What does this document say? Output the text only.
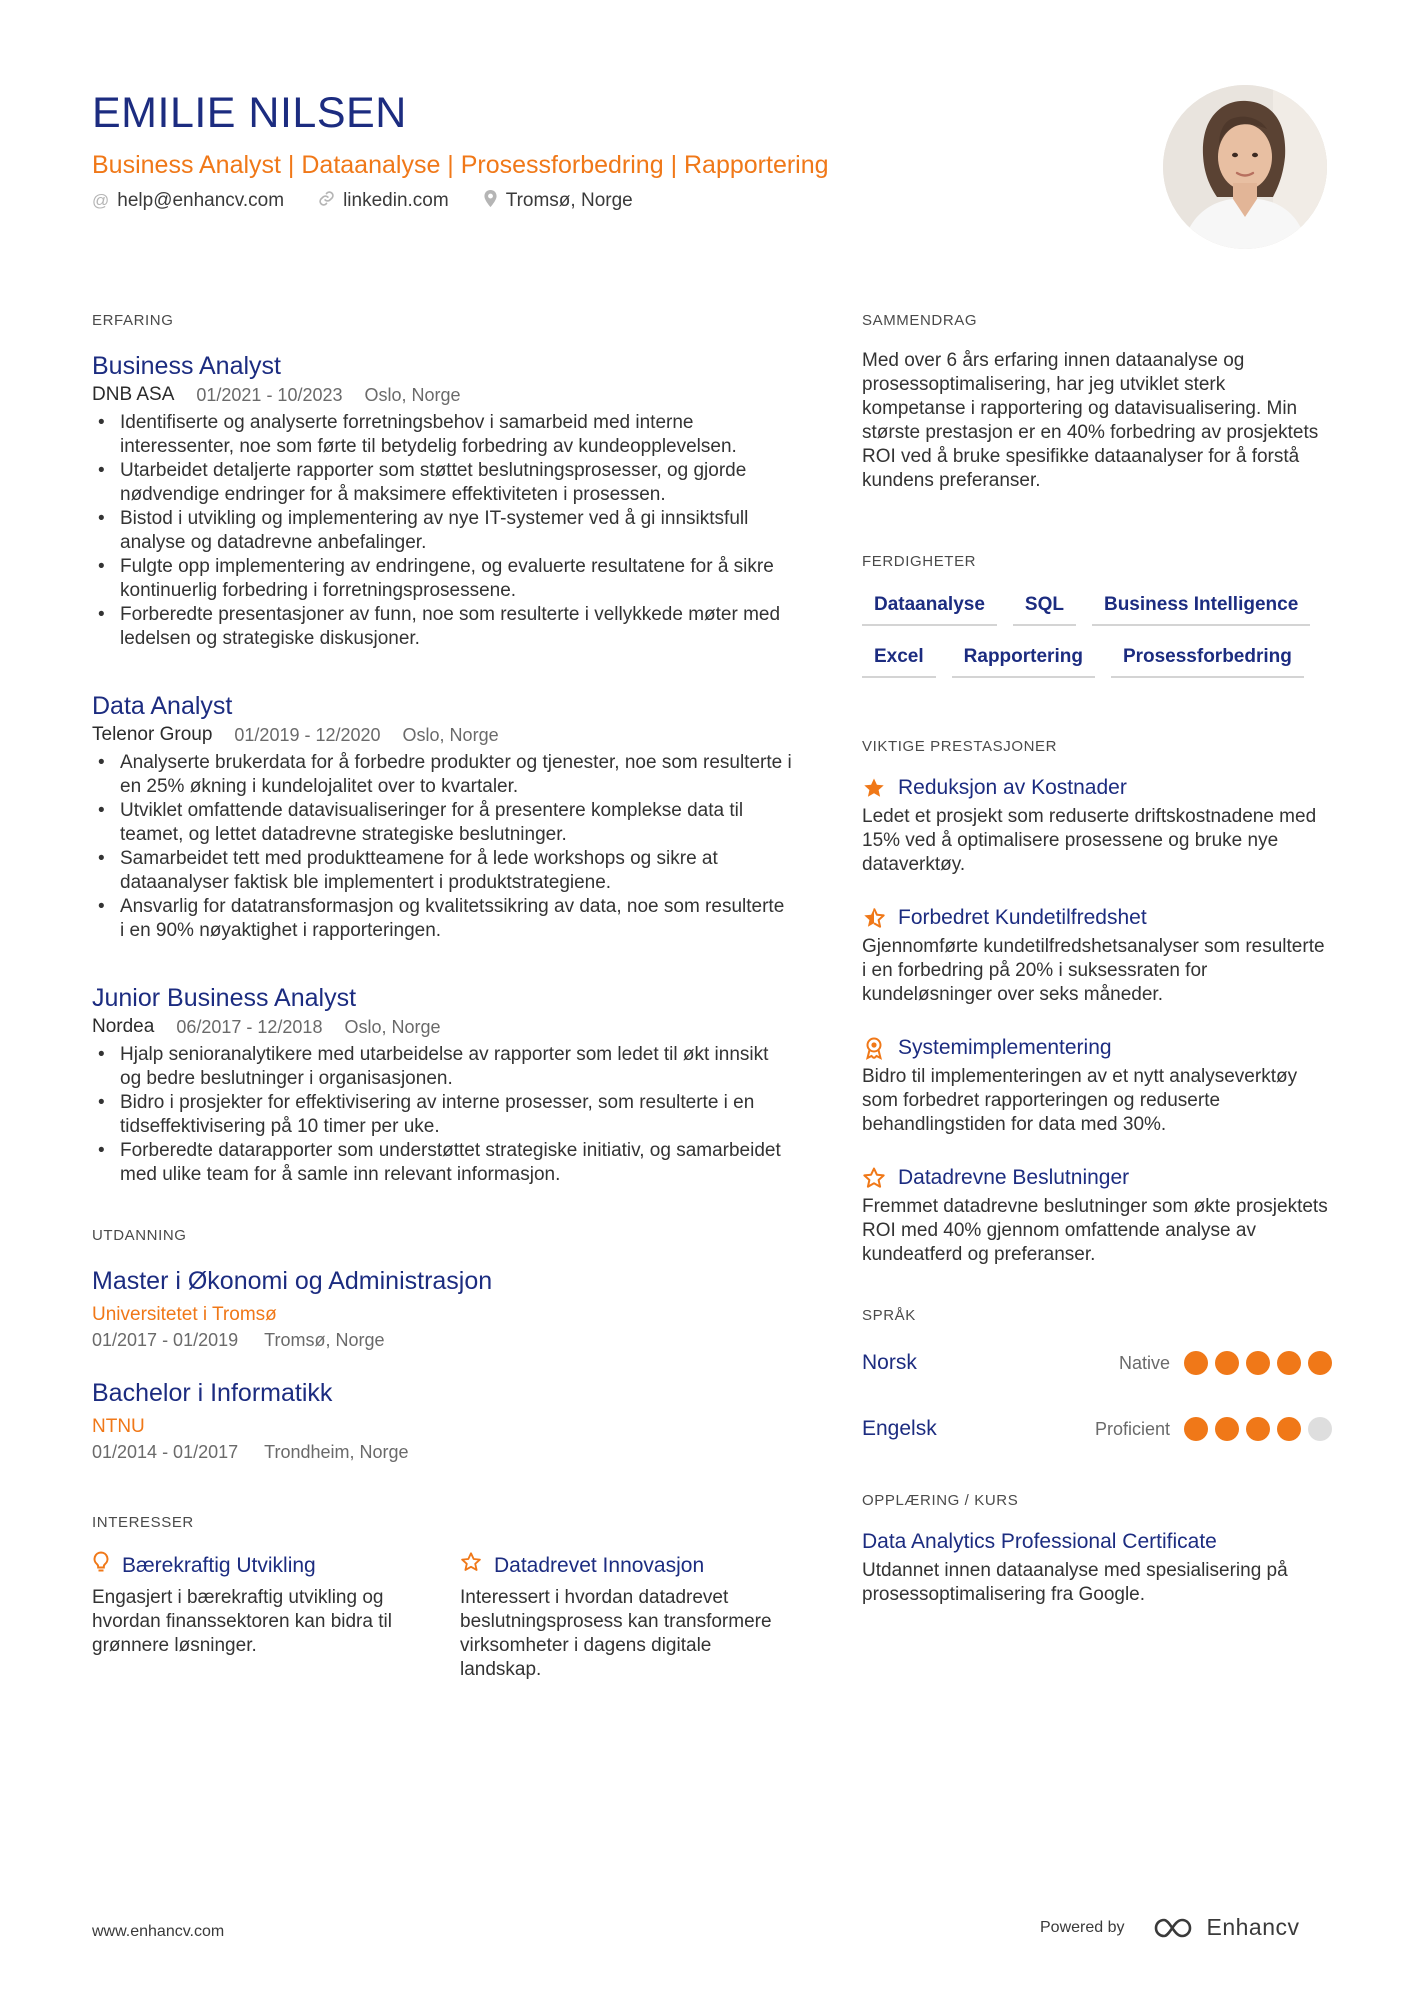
EMILIE NILSEN
Business Analyst | Dataanalyse | Prosessforbedring | Rapportering
@ help@enhancv.com	linkedin.com	Tromsø, Norge
ERFARING
Business Analyst
DNB ASA 01/2021 - 10/2023 Oslo, Norge
• Identifiserte og analyserte forretningsbehov i samarbeid med interne interessenter, noe som førte til betydelig forbedring av kundeopplevelsen.
• Utarbeidet detaljerte rapporter som støttet beslutningsprosesser, og gjorde nødvendige endringer for å maksimere effektiviteten i prosessen.
• Bistod i utvikling og implementering av nye IT-systemer ved å gi innsiktsfull analyse og datadrevne anbefalinger.
• Fulgte opp implementering av endringene, og evaluerte resultatene for å sikre kontinuerlig forbedring i forretningsprosessene.
• Forberedte presentasjoner av funn, noe som resulterte i vellykkede møter med ledelsen og strategiske diskusjoner.
Data Analyst
Telenor Group 01/2019 - 12/2020 Oslo, Norge
• Analyserte brukerdata for å forbedre produkter og tjenester, noe som resulterte i en 25% økning i kundelojalitet over to kvartaler.
• Utviklet omfattende datavisualiseringer for å presentere komplekse data til teamet, og lettet datadrevne strategiske beslutninger.
• Samarbeidet tett med produktteamene for å lede workshops og sikre at dataanalyser faktisk ble implementert i produktstrategiene.
• Ansvarlig for datatransformasjon og kvalitetssikring av data, noe som resulterte i en 90% nøyaktighet i rapporteringen.
Junior Business Analyst
Nordea 06/2017 - 12/2018 Oslo, Norge
• Hjalp senioranalytikere med utarbeidelse av rapporter som ledet til økt innsikt og bedre beslutninger i organisasjonen.
• Bidro i prosjekter for effektivisering av interne prosesser, som resulterte i en tidseffektivisering på 10 timer per uke.
• Forberedte datarapporter som understøttet strategiske initiativ, og samarbeidet med ulike team for å samle inn relevant informasjon.
UTDANNING
Master i Økonomi og Administrasjon
Universitetet i Tromsø
01/2017 - 01/2019 Tromsø, Norge
Bachelor i Informatikk
NTNU
01/2014 - 01/2017 Trondheim, Norge
INTERESSER
Bærekraftig Utvikling
Engasjert i bærekraftig utvikling og hvordan finanssektoren kan bidra til grønnere løsninger.
Datadrevet Innovasjon
Interessert i hvordan datadrevet beslutningsprosess kan transformere virksomheter i dagens digitale landskap.
SAMMENDRAG
Med over 6 års erfaring innen dataanalyse og prosessoptimalisering, har jeg utviklet sterk kompetanse i rapportering og datavisualisering. Min største prestasjon er en 40% forbedring av prosjektets ROI ved å bruke spesifikke dataanalyser for å forstå kundens preferanser.
FERDIGHETER
Dataanalyse	SQL	Business Intelligence
Excel	Rapportering	Prosessforbedring
VIKTIGE PRESTASJONER
Reduksjon av Kostnader
Ledet et prosjekt som reduserte driftskostnadene med 15% ved å optimalisere prosessene og bruke nye dataverktøy.
Forbedret Kundetilfredshet
Gjennomførte kundetilfredshetsanalyser som resulterte i en forbedring på 20% i suksessraten for kundeløsninger over seks måneder.
Systemimplementering
Bidro til implementeringen av et nytt analyseverktøy som forbedret rapporteringen og reduserte behandlingstiden for data med 30%.
Datadrevne Beslutninger
Fremmet datadrevne beslutninger som økte prosjektets ROI med 40% gjennom omfattende analyse av kundeatferd og preferanser.
SPRÅK
Norsk	Native
Engelsk	Proficient
OPPLÆRING / KURS
Data Analytics Professional Certificate
Utdannet innen dataanalyse med spesialisering på prosessoptimalisering fra Google.
www.enhancv.com	Powered by	Enhancv
